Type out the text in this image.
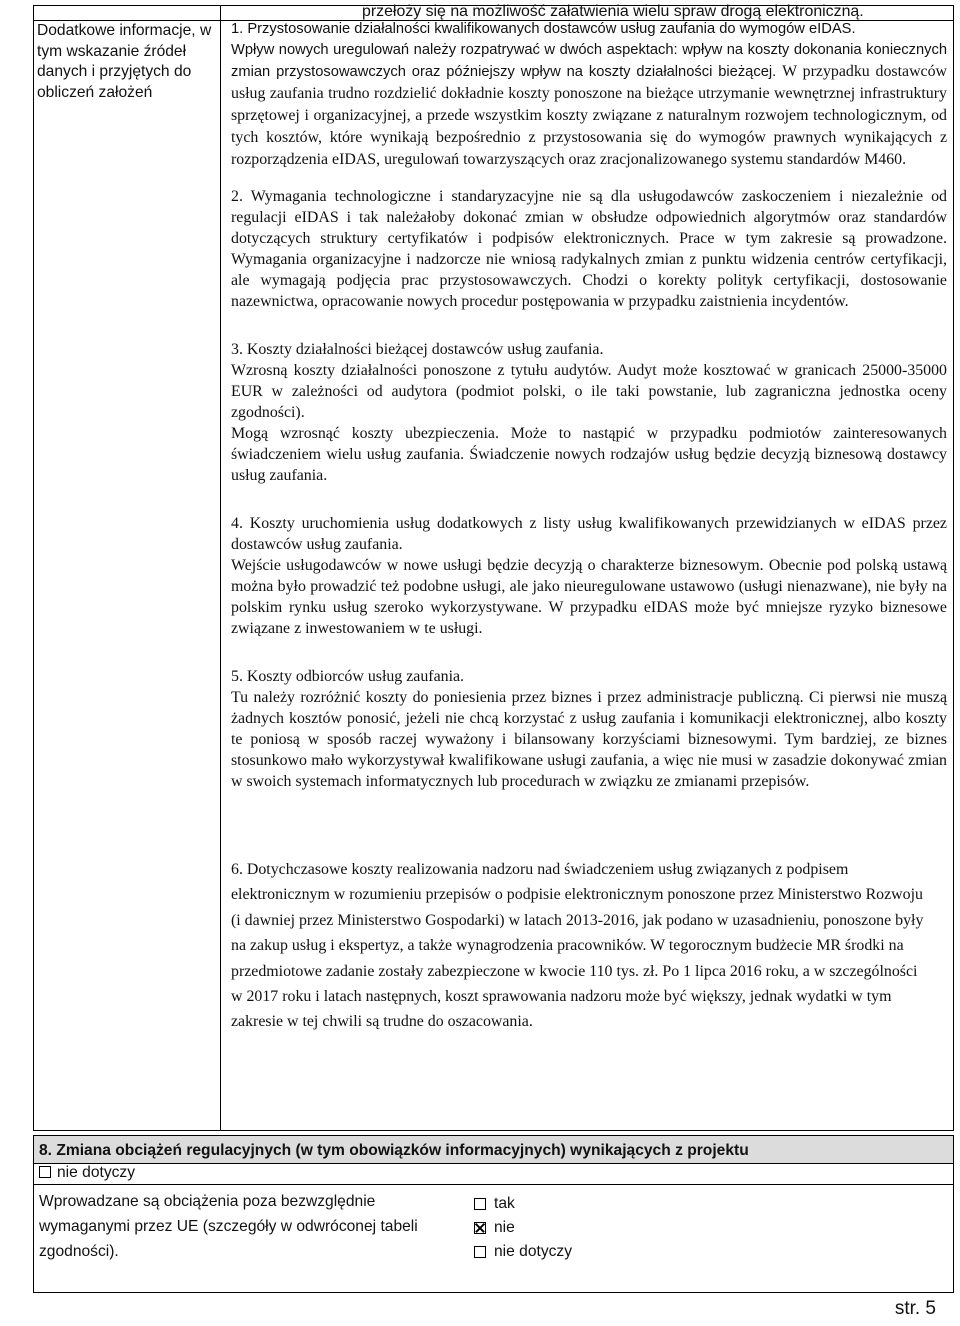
Dodatkowe informacje, w tym wskazanie źródeł danych i przyjętych do obliczeń założeń
przełoży się na możliwość załatwienia wielu spraw drogą elektroniczną.

1. Przystosowanie działalności kwalifikowanych dostawców usług zaufania do wymogów eIDAS.

Wpływ nowych uregulowań należy rozpatrywać w dwóch aspektach: wpływ na koszty dokonania koniecznych zmian przystosowawczych oraz późniejszy wpływ na koszty działalności bieżącej. W przypadku dostawców usług zaufania trudno rozdzielić dokładnie koszty ponoszone na bieżące utrzymanie wewnętrznej infrastruktury sprzętowej i organizacyjnej, a przede wszystkim koszty związane z naturalnym rozwojem technologicznym, od tych kosztów, które wynikają bezpośrednio z przystosowania się do wymogów prawnych wynikających z rozporządzenia eIDAS, uregulowań towarzyszących oraz zracjonalizowanego systemu standardów M460.

2. Wymagania technologiczne i standaryzacyjne nie są dla usługodawców zaskoczeniem i niezależnie od regulacji eIDAS i tak należałoby dokonać zmian w obsłudze odpowiednich algorytmów oraz standardów dotyczących struktury certyfikatów i podpisów elektronicznych. Prace w tym zakresie są prowadzone. Wymagania organizacyjne i nadzorcze nie wniosą radykalnych zmian z punktu widzenia centrów certyfikacji, ale wymagają podjęcia prac przystosowawczych. Chodzi o korekty polityk certyfikacji, dostosowanie nazewnictwa, opracowanie nowych procedur postępowania w przypadku zaistnienia incydentów.

3. Koszty działalności bieżącej dostawców usług zaufania.

Wzrosną koszty działalności ponoszone z tytułu audytów. Audyt może kosztować w granicach 25000-35000 EUR w zależności od audytora (podmiot polski, o ile taki powstanie, lub zagraniczna jednostka oceny zgodności).

Mogą wzrosnąć koszty ubezpieczenia. Może to nastąpić w przypadku podmiotów zainteresowanych świadczeniem wielu usług zaufania. Świadczenie nowych rodzajów usług będzie decyzją biznesową dostawcy usług zaufania.

4. Koszty uruchomienia usług dodatkowych z listy usług kwalifikowanych przewidzianych w eIDAS przez dostawców usług zaufania.

Wejście usługodawców w nowe usługi będzie decyzją o charakterze biznesowym. Obecnie pod polską ustawą można było prowadzić też podobne usługi, ale jako nieuregulowane ustawowo (usługi nienazwane), nie były na polskim rynku usług szeroko wykorzystywane. W przypadku eIDAS może być mniejsze ryzyko biznesowe związane z inwestowaniem w te usługi.

5. Koszty odbiorców usług zaufania.

Tu należy rozróżnić koszty do poniesienia przez biznes i przez administracje publiczną. Ci pierwsi nie muszą żadnych kosztów ponosić, jeżeli nie chcą korzystać z usług zaufania i komunikacji elektronicznej, albo koszty te poniosą w sposób raczej wyważony i bilansowany korzyściami biznesowymi. Tym bardziej, ze biznes stosunkowo mało wykorzystywał kwalifikowane usługi zaufania, a więc nie musi w zasadzie dokonywać zmian w swoich systemach informatycznych lub procedurach w związku ze zmianami przepisów.

6. Dotychczasowe koszty realizowania nadzoru nad świadczeniem usług związanych z podpisem elektronicznym w rozumieniu przepisów o podpisie elektronicznym ponoszone przez Ministerstwo Rozwoju (i dawniej przez Ministerstwo Gospodarki) w latach 2013-2016, jak podano w uzasadnieniu, ponoszone były na zakup usług i ekspertyz, a także wynagrodzenia pracowników. W tegorocznym budżecie MR środki na przedmiotowe zadanie zostały zabezpieczone w kwocie 110 tys. zł. Po 1 lipca 2016 roku, a w szczególności w 2017 roku i latach następnych, koszt sprawowania nadzoru może być większy, jednak wydatki w tym zakresie w tej chwili są trudne do oszacowania.
8. Zmiana obciążeń regulacyjnych (w tym obowiązków informacyjnych) wynikających z projektu
nie dotyczy
Wprowadzane są obciążenia poza bezwzględnie wymaganymi przez UE (szczegóły w odwróconej tabeli zgodności).
tak
nie
nie dotyczy
str. 5
